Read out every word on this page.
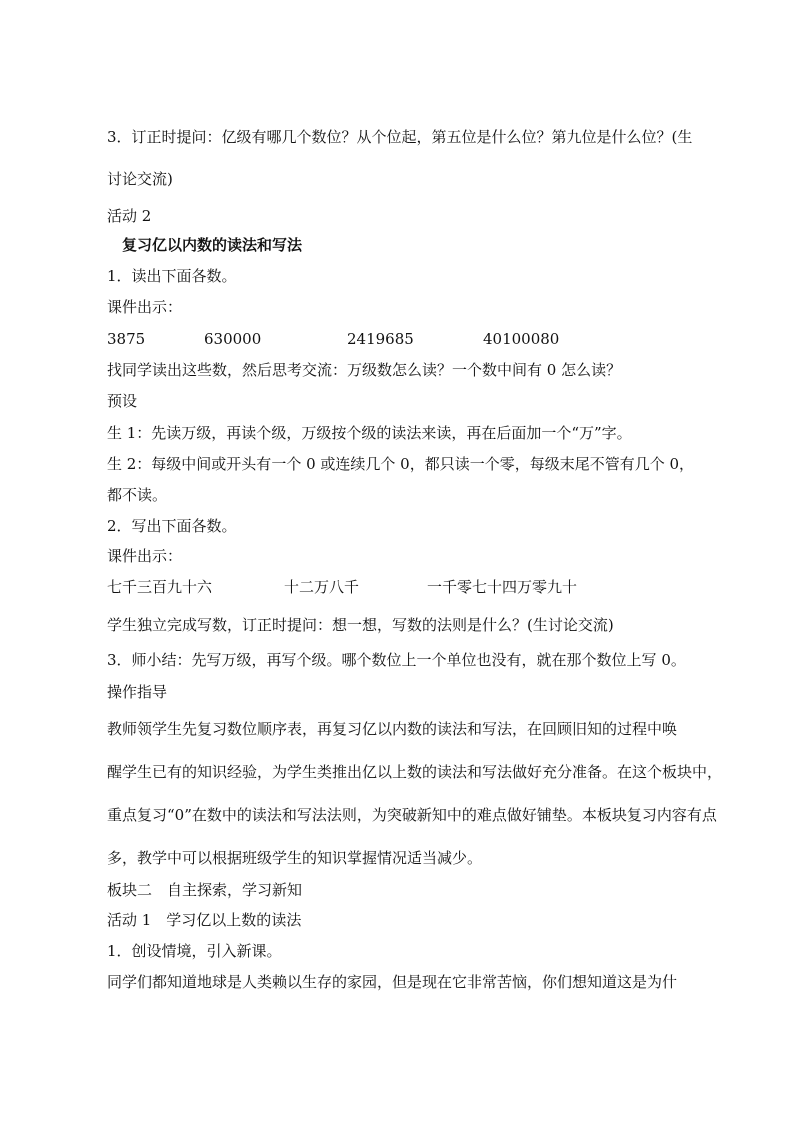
3．订正时提问：亿级有哪几个数位？从个位起，第五位是什么位？第九位是什么位？(生
讨论交流)
活动 2
复习亿以内数的读法和写法
1．读出下面各数。
课件出示：
3875	630000	2419685	40100080
找同学读出这些数，然后思考交流：万级数怎么读？一个数中间有 0 怎么读？
预设
生 1：先读万级，再读个级，万级按个级的读法来读，再在后面加一个“万”字。
生 2：每级中间或开头有一个 0 或连续几个 0，都只读一个零，每级末尾不管有几个 0，
都不读。
2．写出下面各数。
课件出示：
七千三百九十六	十二万八千	一千零七十四万零九十
学生独立完成写数，订正时提问：想一想，写数的法则是什么？(生讨论交流)
3．师小结：先写万级，再写个级。哪个数位上一个单位也没有，就在那个数位上写 0。
操作指导
教师领学生先复习数位顺序表，再复习亿以内数的读法和写法，在回顾旧知的过程中唤
醒学生已有的知识经验，为学生类推出亿以上数的读法和写法做好充分准备。在这个板块中，
重点复习“0”在数中的读法和写法法则，为突破新知中的难点做好铺垫。本板块复习内容有点
多，教学中可以根据班级学生的知识掌握情况适当减少。
板块二　自主探索，学习新知
活动 1　学习亿以上数的读法
1．创设情境，引入新课。
同学们都知道地球是人类赖以生存的家园，但是现在它非常苦恼，你们想知道这是为什
